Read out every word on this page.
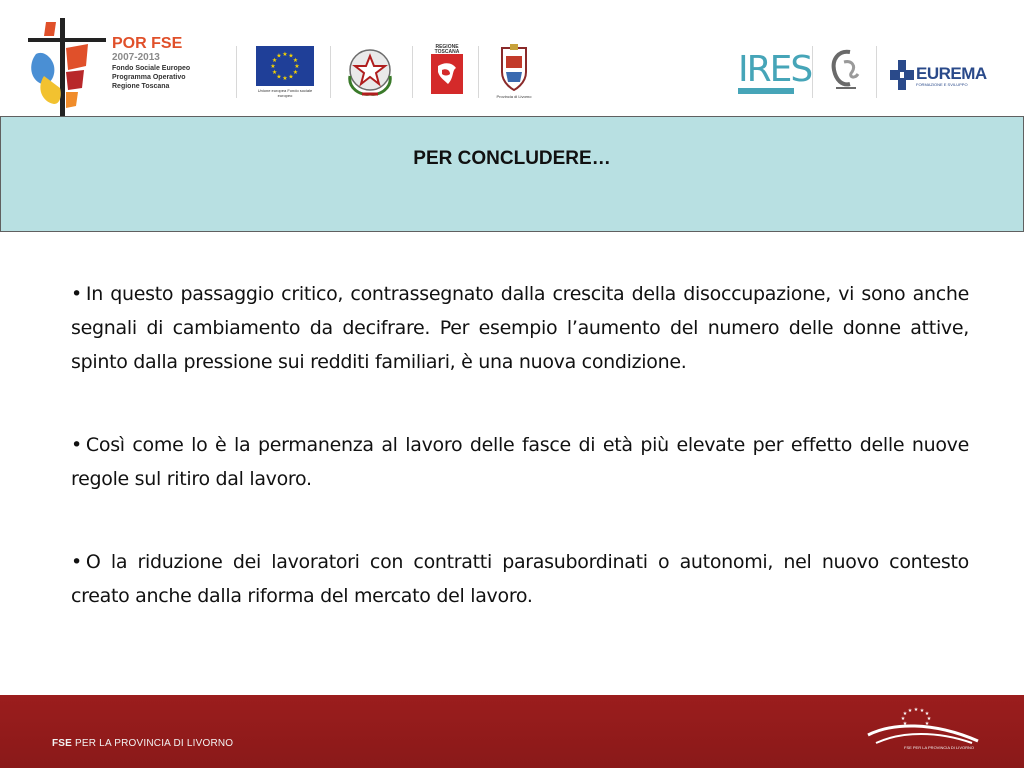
POR FSE
2007-2013
Fondo Sociale Europeo
Programma Operativo
Regione Toscana
★ ★
★
★
★
★
★
★
★
★
★
★
Unione europea Fondo sociale europeo
REGIONE TOSCANA
Provincia di Livorno
IRES	EUREMA
FORMAZIONE E SVILUPPO
PER CONCLUDERE…

• In questo passaggio critico, contrassegnato dalla crescita della disoccupazione, vi sono anche segnali di cambiamento da decifrare. Per esempio l’aumento del numero delle donne attive, spinto dalla pressione sui redditi familiari, è una nuova condizione.

• Così come lo è la permanenza al lavoro delle fasce di età più elevate per effetto delle nuove regole sul ritiro dal lavoro.

• O la riduzione dei lavoratori con contratti parasubordinati o autonomi, nel nuovo contesto creato anche dalla riforma del mercato del lavoro.

FSE PER LA PROVINCIA DI LIVORNO
★ ★ ★
★
★
★
★
★
★
FSE PER LA PROVINCIA DI LIVORNO
